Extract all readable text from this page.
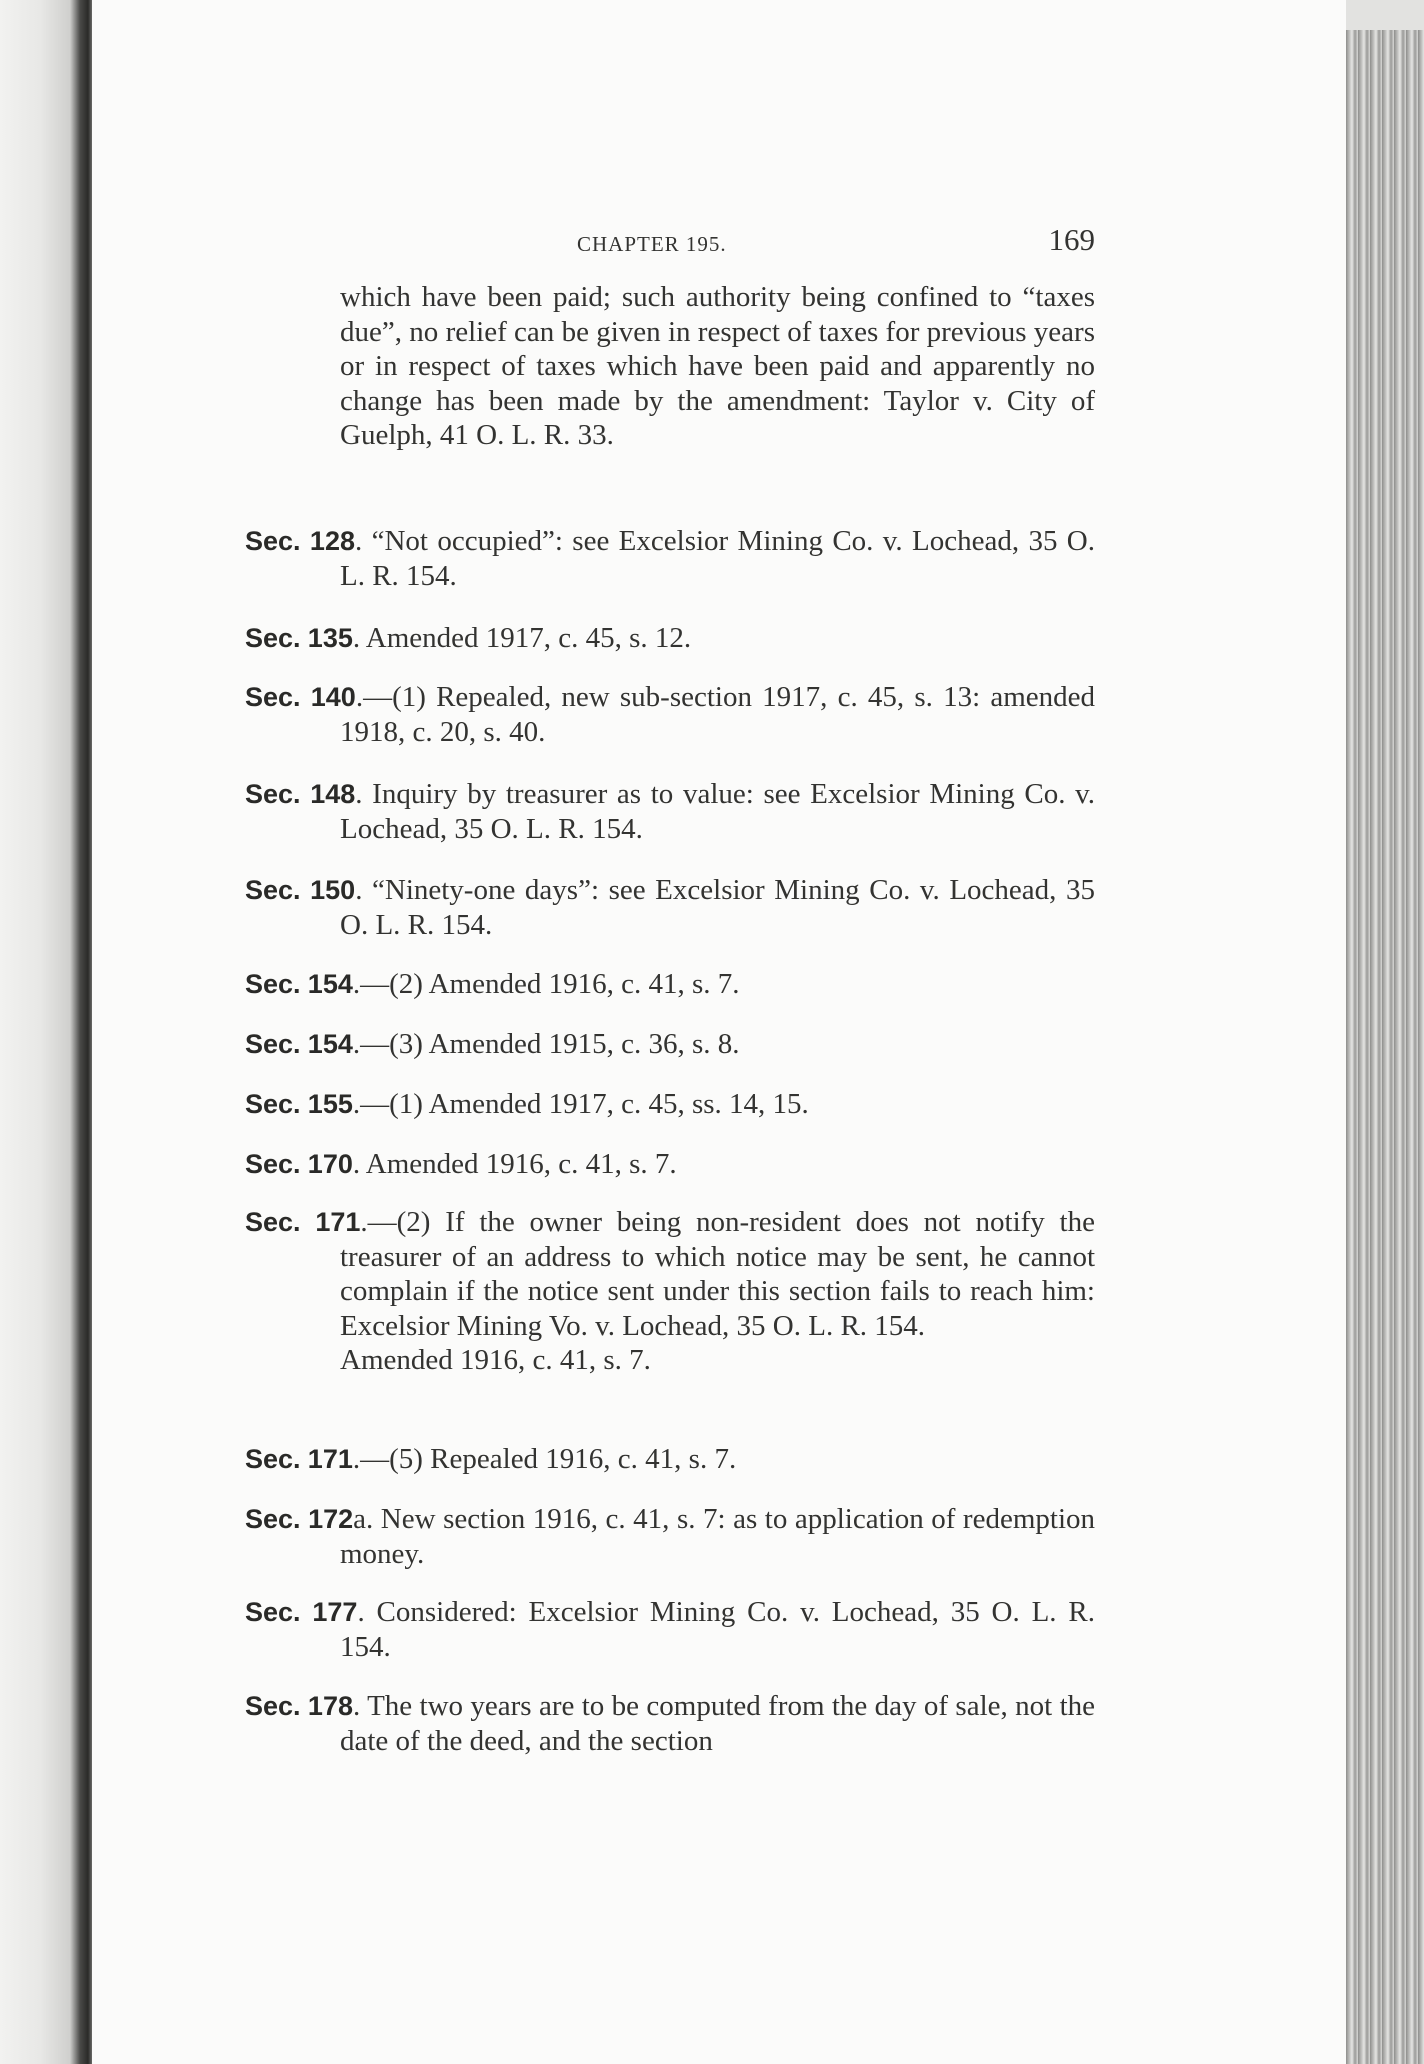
CHAPTER 195.	169
which have been paid; such authority being confined to “taxes due”, no relief can be given in respect of taxes for previous years or in respect of taxes which have been paid and apparently no change has been made by the amendment: Taylor v. City of Guelph, 41 O. L. R. 33.
Sec. 128. “Not occupied”: see Excelsior Mining Co. v. Lochead, 35 O. L. R. 154.
Sec. 135. Amended 1917, c. 45, s. 12.
Sec. 140.—(1) Repealed, new sub-section 1917, c. 45, s. 13: amended 1918, c. 20, s. 40.
Sec. 148. Inquiry by treasurer as to value: see Excelsior Mining Co. v. Lochead, 35 O. L. R. 154.
Sec. 150. “Ninety-one days”: see Excelsior Mining Co. v. Lochead, 35 O. L. R. 154.
Sec. 154.—(2) Amended 1916, c. 41, s. 7.
Sec. 154.—(3) Amended 1915, c. 36, s. 8.
Sec. 155.—(1) Amended 1917, c. 45, ss. 14, 15.
Sec. 170. Amended 1916, c. 41, s. 7.
Sec. 171.—(2) If the owner being non-resident does not notify the treasurer of an address to which notice may be sent, he cannot complain if the notice sent under this section fails to reach him: Excelsior Mining Vo. v. Lochead, 35 O. L. R. 154.
Amended 1916, c. 41, s. 7.
Sec. 171.—(5) Repealed 1916, c. 41, s. 7.
Sec. 172a. New section 1916, c. 41, s. 7: as to application of redemption money.
Sec. 177. Considered: Excelsior Mining Co. v. Lochead, 35 O. L. R. 154.
Sec. 178. The two years are to be computed from the day of sale, not the date of the deed, and the section
